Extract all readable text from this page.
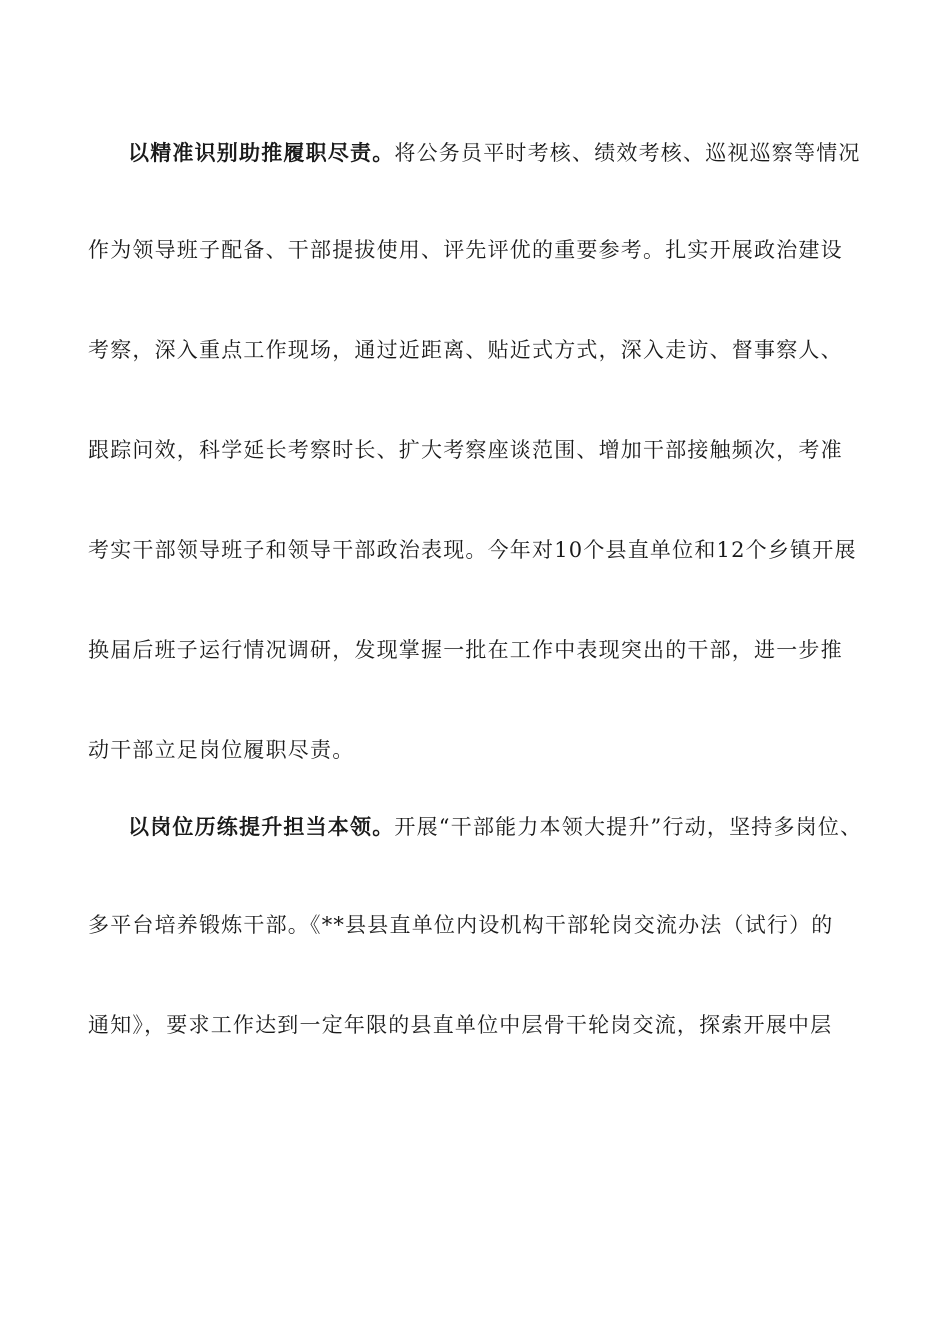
以精准识别助推履职尽责。将公务员平时考核、绩效考核、巡视巡察等情况
作为领导班子配备、干部提拔使用、评先评优的重要参考。扎实开展政治建设
考察，深入重点工作现场，通过近距离、贴近式方式，深入走访、督事察人、
跟踪问效，科学延长考察时长、扩大考察座谈范围、增加干部接触频次，考准
考实干部领导班子和领导干部政治表现。今年对10个县直单位和12个乡镇开展
换届后班子运行情况调研，发现掌握一批在工作中表现突出的干部，进一步推
动干部立足岗位履职尽责。
以岗位历练提升担当本领。开展“干部能力本领大提升”行动，坚持多岗位、
多平台培养锻炼干部。《**县县直单位内设机构干部轮岗交流办法（试行）的
通知》，要求工作达到一定年限的县直单位中层骨干轮岗交流，探索开展中层
